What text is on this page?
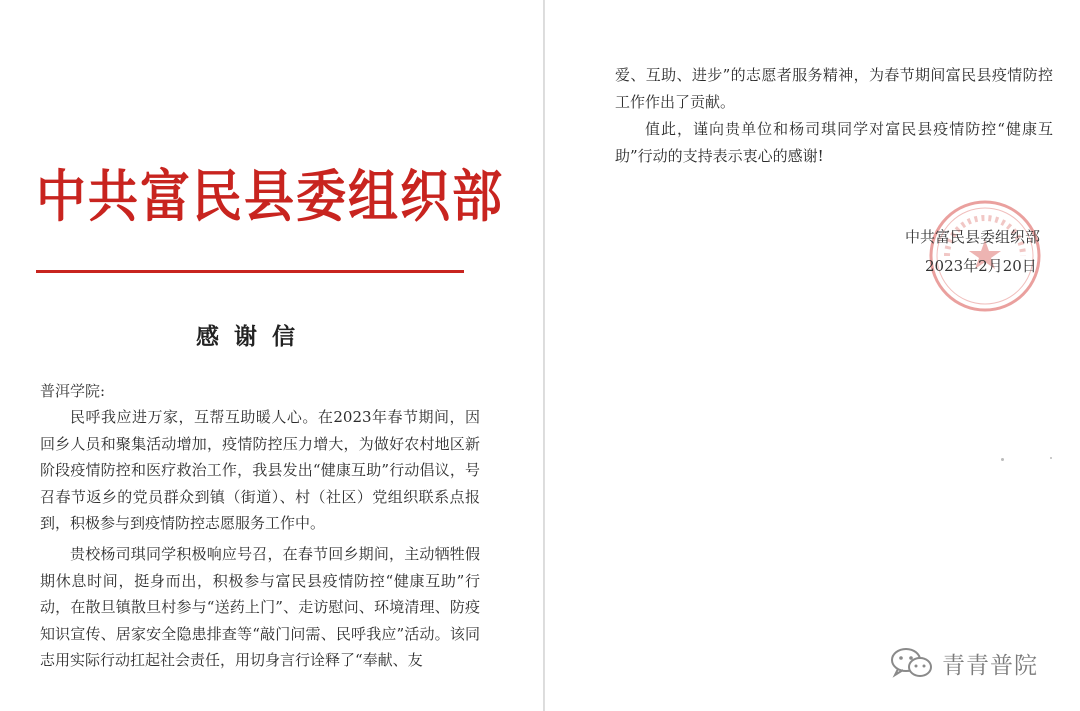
中共富民县委组织部
感谢信
普洱学院:

民呼我应进万家，互帮互助暖人心。在2023年春节期间，因回乡人员和聚集活动增加，疫情防控压力增大，为做好农村地区新阶段疫情防控和医疗救治工作，我县发出“健康互助”行动倡议，号召春节返乡的党员群众到镇（街道）、村（社区）党组织联系点报到，积极参与到疫情防控志愿服务工作中。

贵校杨司琪同学积极响应号召，在春节回乡期间，主动牺牲假期休息时间，挺身而出，积极参与富民县疫情防控“健康互助”行动，在散旦镇散旦村参与“送药上门”、走访慰问、环境清理、防疫知识宣传、居家安全隐患排查等“敲门问需、民呼我应”活动。该同志用实际行动扛起社会责任，用切身言行诠释了“奉献、友

爱、互助、进步”的志愿者服务精神，为春节期间富民县疫情防控工作作出了贡献。

值此，谨向贵单位和杨司琪同学对富民县疫情防控“健康互助”行动的支持表示衷心的感谢!

中共富民县委组织部
2023年2月20日
青青普院
